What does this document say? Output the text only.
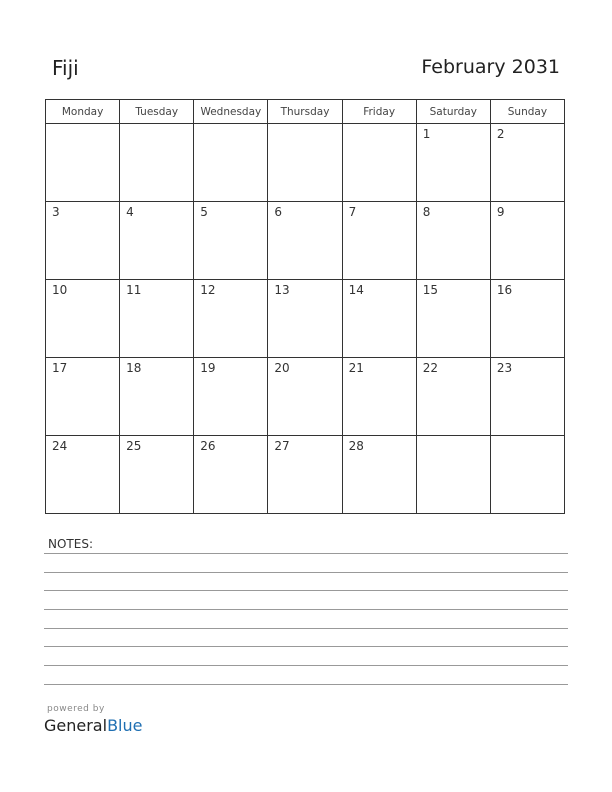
Fiji	February 2031
Monday	Tuesday	Wednesday	Thursday	Friday	Saturday	Sunday

					1	2

3	4	5	6	7	8	9

10	11	12	13	14	15	16

17	18	19	20	21	22	23

24	25	26	27	28		

NOTES:
powered by
GeneralBlue
